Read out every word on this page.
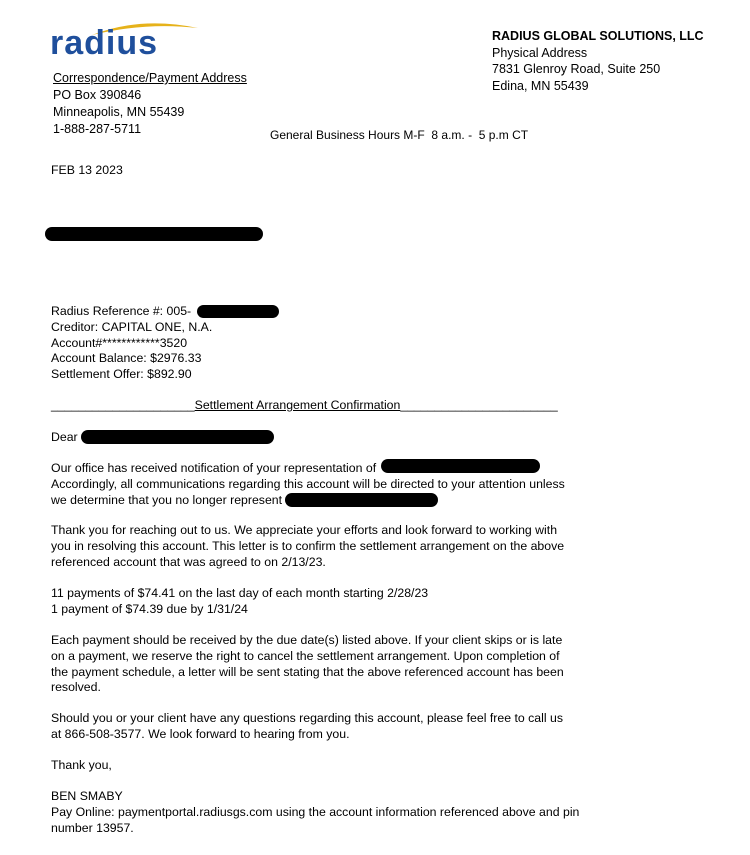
radius
Correspondence/Payment Address
PO Box 390846
Minneapolis, MN 55439
1-888-287-5711
RADIUS GLOBAL SOLUTIONS, LLC
Physical Address
7831 Glenroy Road, Suite 250
Edina, MN 55439
General Business Hours M-F  8 a.m. -  5 p.m CT
FEB 13 2023
Radius Reference #: 005-
Creditor: CAPITAL ONE, N.A.
Account#************3520
Account Balance: $2976.33
Settlement Offer: $892.90
_____________________Settlement Arrangement Confirmation_______________________
Dear
Our office has received notification of your representation of
Accordingly, all communications regarding this account will be directed to your attention unless
we determine that you no longer represent
Thank you for reaching out to us. We appreciate your efforts and look forward to working with
you in resolving this account. This letter is to confirm the settlement arrangement on the above
referenced account that was agreed to on 2/13/23.
11 payments of $74.41 on the last day of each month starting 2/28/23
1 payment of $74.39 due by 1/31/24
Each payment should be received by the due date(s) listed above. If your client skips or is late
on a payment, we reserve the right to cancel the settlement arrangement. Upon completion of
the payment schedule, a letter will be sent stating that the above referenced account has been
resolved.
Should you or your client have any questions regarding this account, please feel free to call us
at 866-508-3577. We look forward to hearing from you.
Thank you,
BEN SMABY
Pay Online: paymentportal.radiusgs.com using the account information referenced above and pin
number 13957.
